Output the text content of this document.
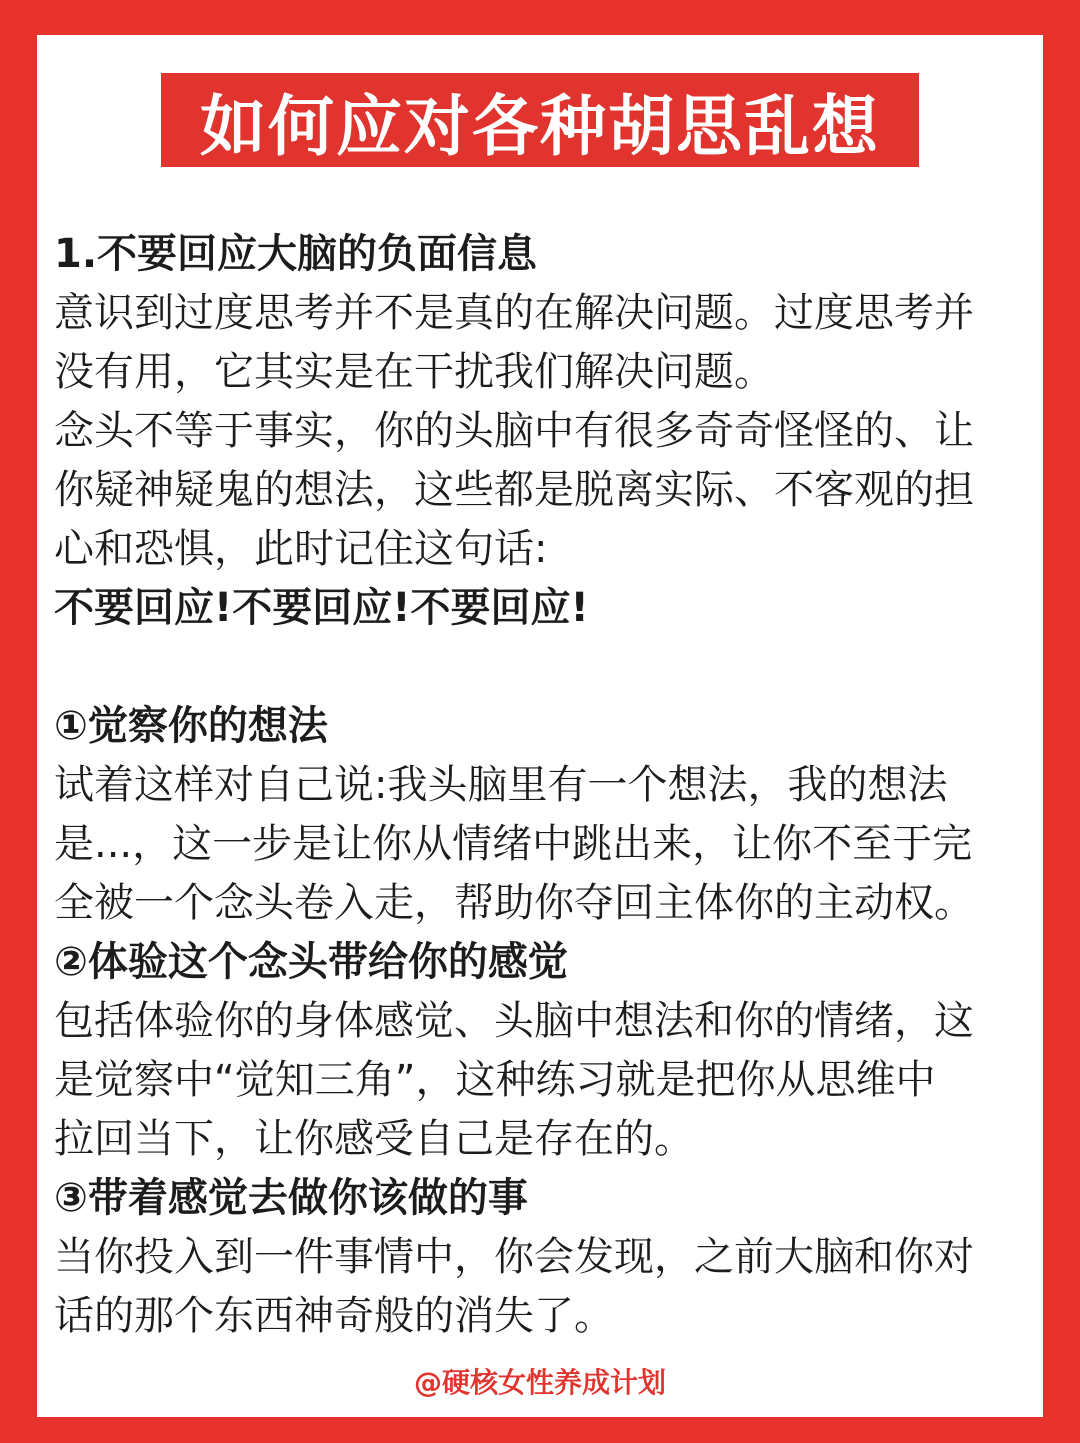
如何应对各种胡思乱想
1.不要回应大脑的负面信息
意识到过度思考并不是真的在解决问题。过度思考并
没有用，它其实是在干扰我们解决问题。
念头不等于事实，你的头脑中有很多奇奇怪怪的、让
你疑神疑鬼的想法，这些都是脱离实际、不客观的担
心和恐惧，此时记住这句话:
不要回应!不要回应!不要回应!
①觉察你的想法
试着这样对自己说:我头脑里有一个想法，我的想法
是...，这一步是让你从情绪中跳出来，让你不至于完
全被一个念头卷入走，帮助你夺回主体你的主动权。
②体验这个念头带给你的感觉
包括体验你的身体感觉、头脑中想法和你的情绪，这
是觉察中“觉知三角”，这种练习就是把你从思维中
拉回当下，让你感受自己是存在的。
③带着感觉去做你该做的事
当你投入到一件事情中，你会发现，之前大脑和你对
话的那个东西神奇般的消失了。
@硬核女性养成计划
